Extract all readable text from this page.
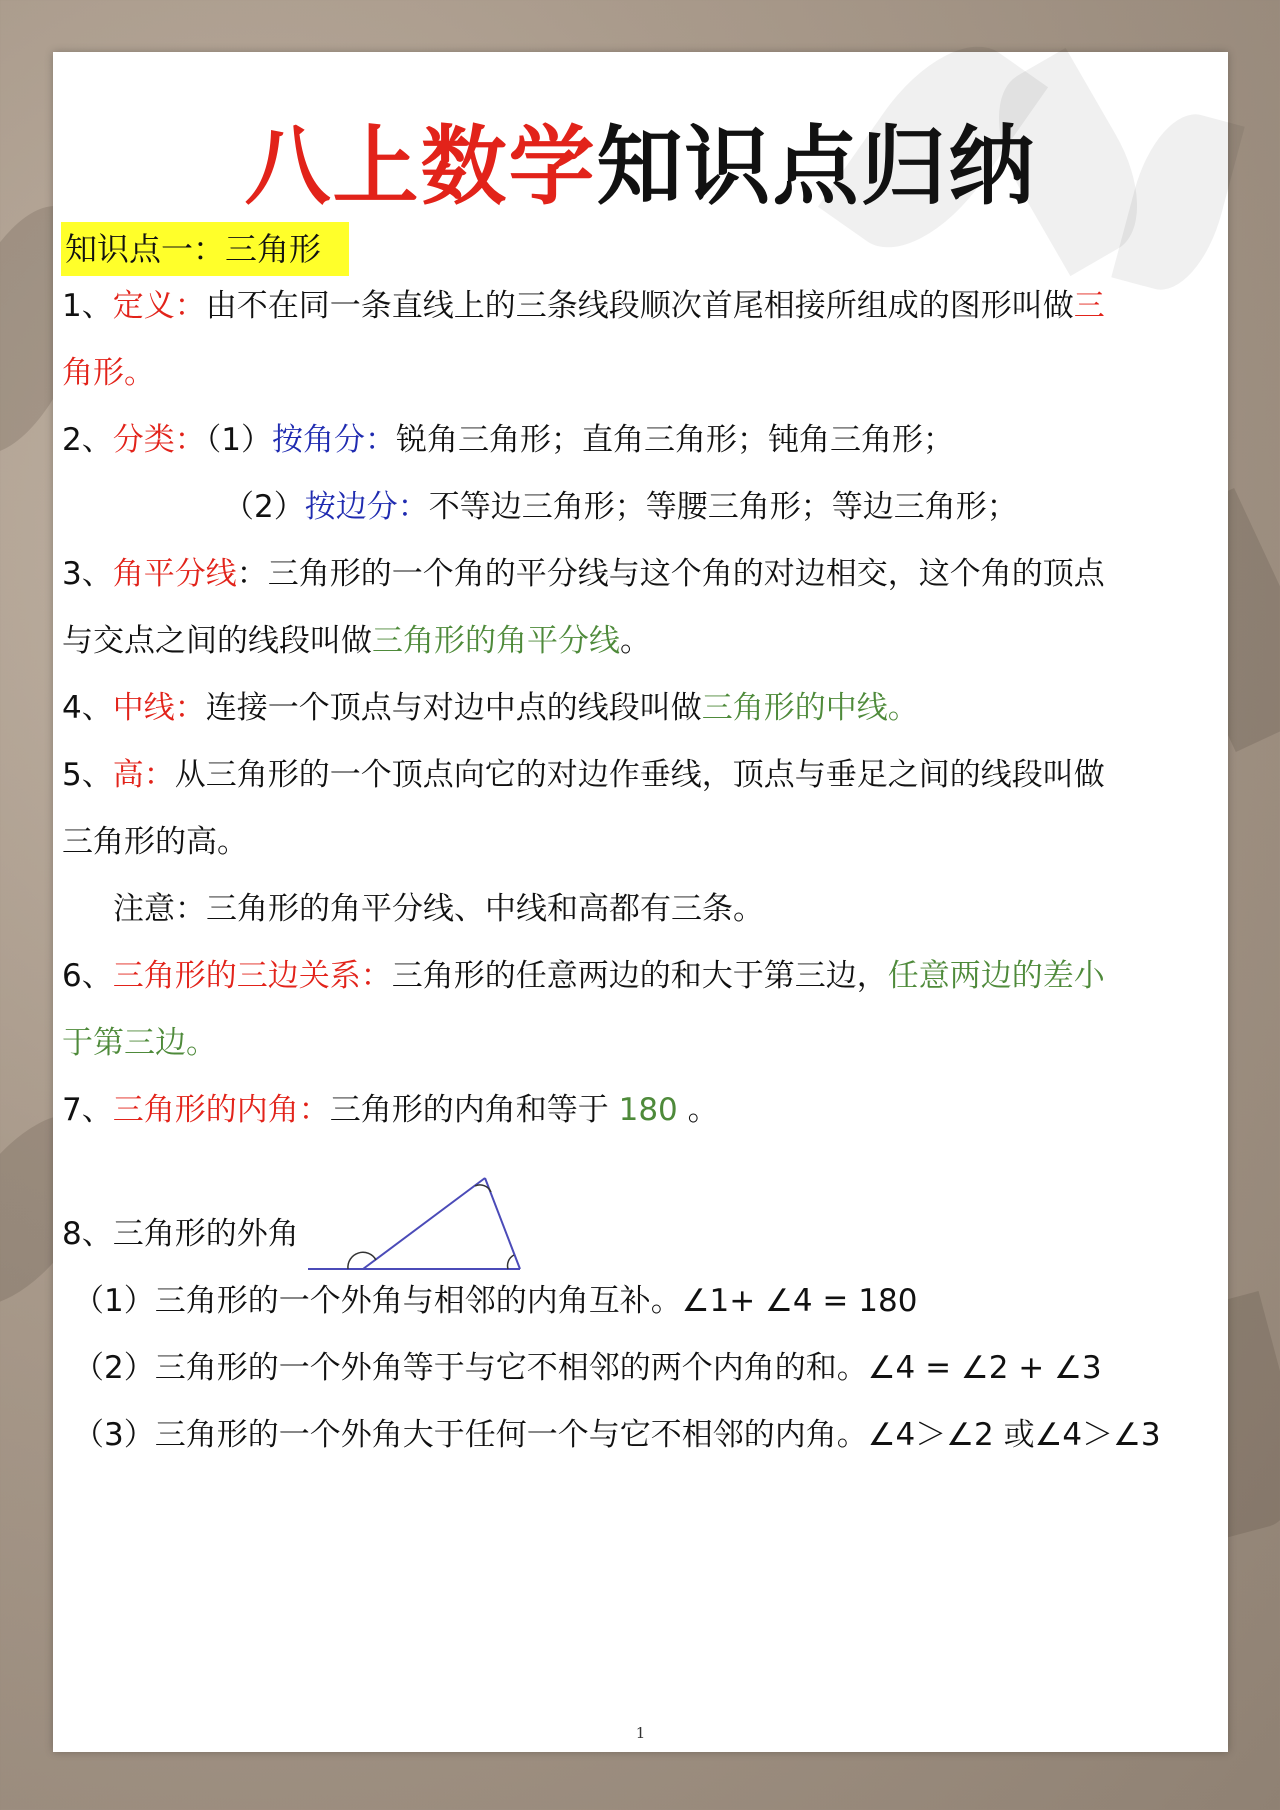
八上数学知识点归纳
知识点一：三角形
1、定义：由不在同一条直线上的三条线段顺次首尾相接所组成的图形叫做三
角形。
2、分类：（1）按角分：锐角三角形；直角三角形；钝角三角形；
（2）按边分：不等边三角形；等腰三角形；等边三角形；
3、角平分线：三角形的一个角的平分线与这个角的对边相交，这个角的顶点
与交点之间的线段叫做三角形的角平分线。
4、中线：连接一个顶点与对边中点的线段叫做三角形的中线。
5、高：从三角形的一个顶点向它的对边作垂线，顶点与垂足之间的线段叫做
三角形的高。
注意：三角形的角平分线、中线和高都有三条。
6、三角形的三边关系：三角形的任意两边的和大于第三边，任意两边的差小
于第三边。
7、三角形的内角：三角形的内角和等于 180 。
8、三角形的外角
（1）三角形的一个外角与相邻的内角互补。∠1+ ∠4 = 180
（2）三角形的一个外角等于与它不相邻的两个内角的和。∠4 = ∠2 + ∠3
（3）三角形的一个外角大于任何一个与它不相邻的内角。∠4＞∠2 或∠4＞∠3
1
